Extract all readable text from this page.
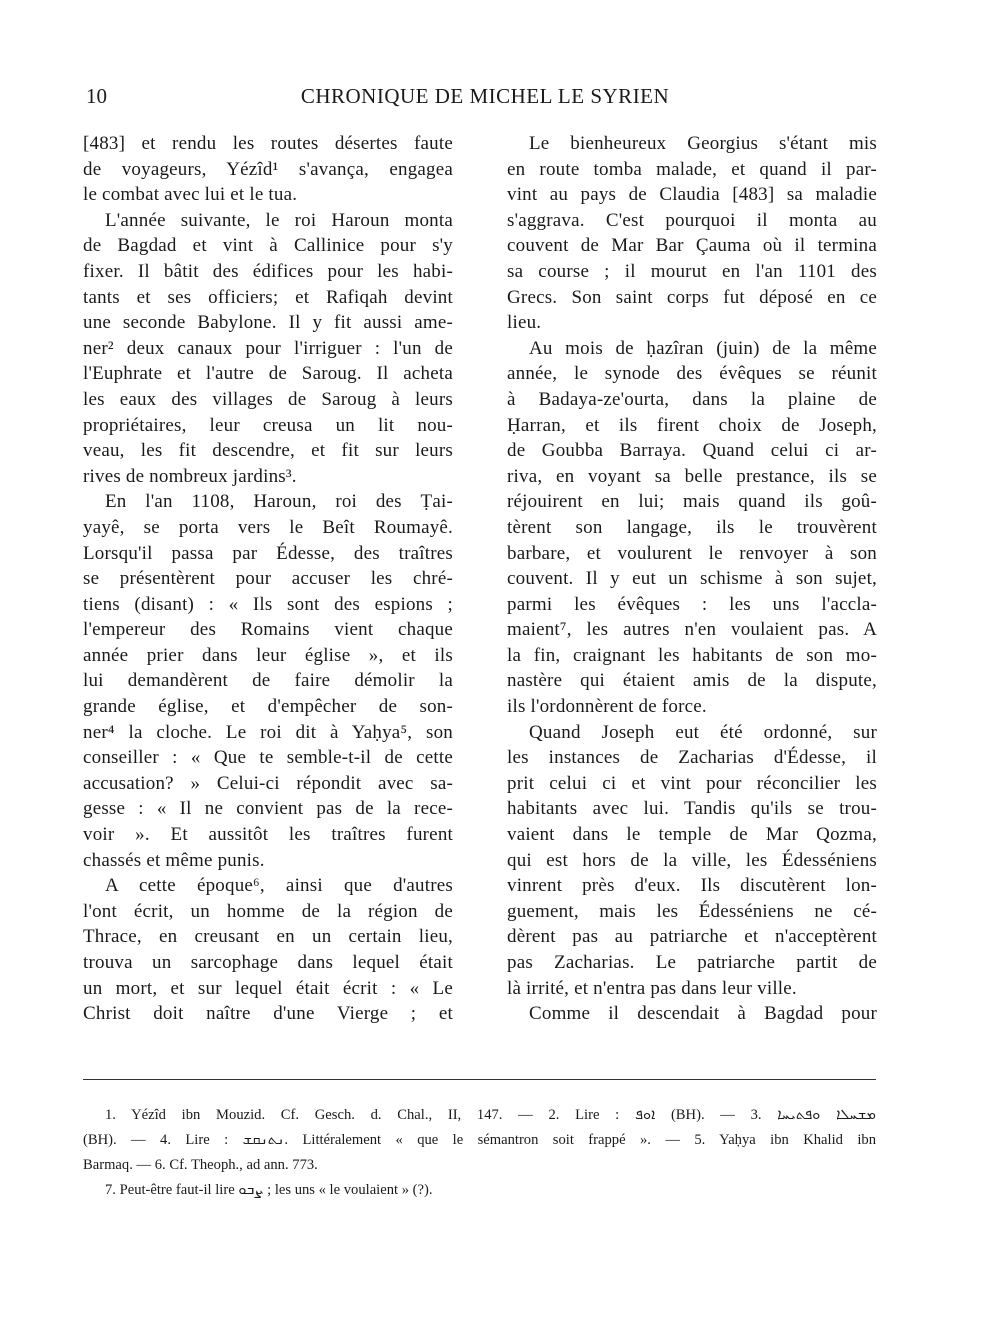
10	CHRONIQUE DE MICHEL LE SYRIEN
[483] et rendu les routes désertes faute
de voyageurs, Yézîd¹ s'avança, engagea
le combat avec lui et le tua.
L'année suivante, le roi Haroun monta
de Bagdad et vint à Callinice pour s'y
fixer. Il bâtit des édifices pour les habi-
tants et ses officiers; et Rafiqah devint
une seconde Babylone. Il y fit aussi ame-
ner² deux canaux pour l'irriguer : l'un de
l'Euphrate et l'autre de Saroug. Il acheta
les eaux des villages de Saroug à leurs
propriétaires, leur creusa un lit nou-
veau, les fit descendre, et fit sur leurs
rives de nombreux jardins³.
En l'an 1108, Haroun, roi des Ṭai-
yayê, se porta vers le Beît Roumayê.
Lorsqu'il passa par Édesse, des traîtres
se présentèrent pour accuser les chré-
tiens (disant) : « Ils sont des espions ;
l'empereur des Romains vient chaque
année prier dans leur église », et ils
lui demandèrent de faire démolir la
grande église, et d'empêcher de son-
ner⁴ la cloche. Le roi dit à Yaḥya⁵, son
conseiller : « Que te semble-t-il de cette
accusation? » Celui-ci répondit avec sa-
gesse : « Il ne convient pas de la rece-
voir ». Et aussitôt les traîtres furent
chassés et même punis.
A cette époque⁶, ainsi que d'autres
l'ont écrit, un homme de la région de
Thrace, en creusant en un certain lieu,
trouva un sarcophage dans lequel était
un mort, et sur lequel était écrit : « Le
Christ doit naître d'une Vierge ; et
Le bienheureux Georgius s'étant mis
en route tomba malade, et quand il par-
vint au pays de Claudia [483] sa maladie
s'aggrava. C'est pourquoi il monta au
couvent de Mar Bar Çauma où il termina
sa course ; il mourut en l'an 1101 des
Grecs. Son saint corps fut déposé en ce
lieu.
Au mois de ḥazîran (juin) de la même
année, le synode des évêques se réunit
à Badaya-ze'ourta, dans la plaine de
Ḥarran, et ils firent choix de Joseph,
de Goubba Barraya. Quand celui ci ar-
riva, en voyant sa belle prestance, ils se
réjouirent en lui; mais quand ils goû-
tèrent son langage, ils le trouvèrent
barbare, et voulurent le renvoyer à son
couvent. Il y eut un schisme à son sujet,
parmi les évêques : les uns l'accla-
maient⁷, les autres n'en voulaient pas. A
la fin, craignant les habitants de son mo-
nastère qui étaient amis de la dispute,
ils l'ordonnèrent de force.
Quand Joseph eut été ordonné, sur
les instances de Zacharias d'Édesse, il
prit celui ci et vint pour réconcilier les
habitants avec lui. Tandis qu'ils se trou-
vaient dans le temple de Mar Qozma,
qui est hors de la ville, les Édesséniens
vinrent près d'eux. Ils discutèrent lon-
guement, mais les Édesséniens ne cé-
dèrent pas au patriarche et n'acceptèrent
pas Zacharias. Le patriarche partit de
là irrité, et n'entra pas dans leur ville.
Comme il descendait à Bagdad pour
1. Yézîd ibn Mouzid. Cf. Gesch. d. Chal., II, 147. — 2. Lire : ܐܘܦ (BH). — 3. ܡܫܚܠܐ ܘܦܬܝܚܐ
(BH). — 4. Lire : ܢܬܢܩܫ. Littéralement « que le sémantron soit frappé ». — 5. Yaḥya ibn Khalid ibn
Barmaq. — 6. Cf. Theoph., ad ann. 773.
7. Peut-être faut-il lire ܨܒܘ ; les uns « le voulaient » (?).
